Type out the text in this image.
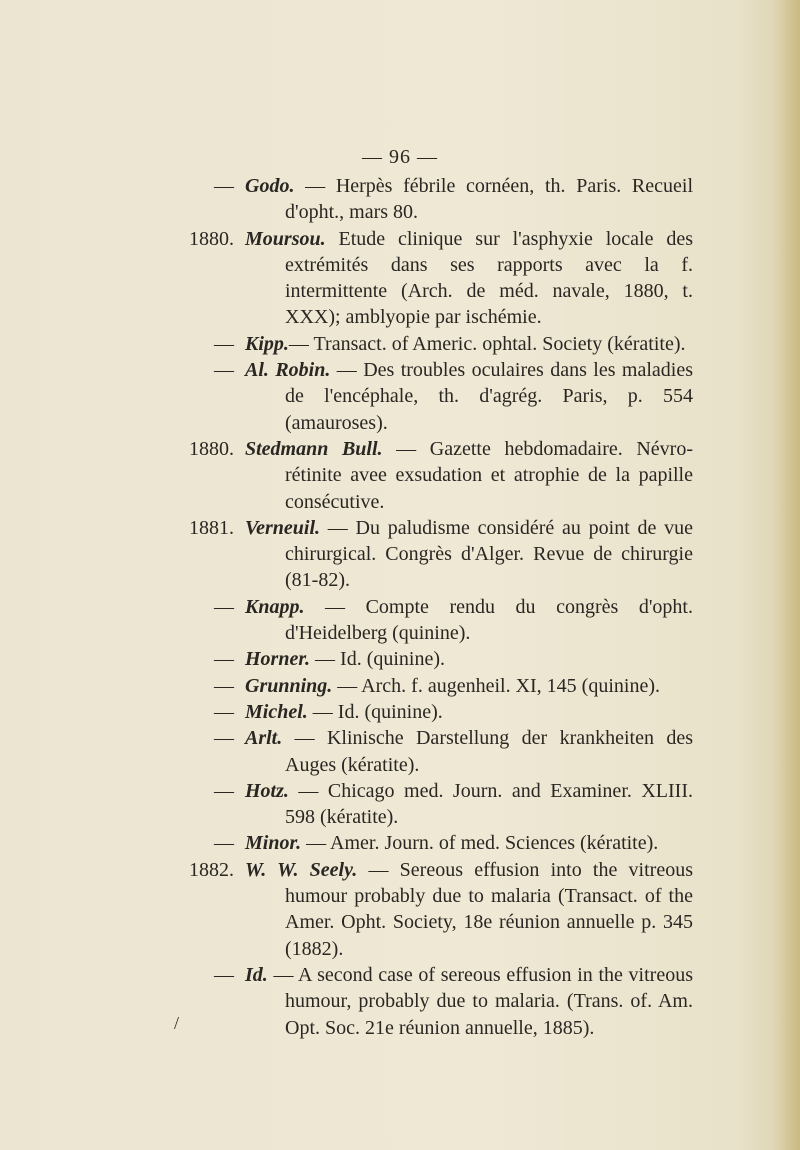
— 96 —
— Godo. — Herpès fébrile cornéen, th. Paris. Recueil d'opht., mars 80.
1880. Moursou. Etude clinique sur l'asphyxie locale des extrémités dans ses rapports avec la f. intermittente (Arch. de méd. navale, 1880, t. XXX); amblyopie par ischémie.
— Kipp.— Transact. of Americ. ophtal. Society (kératite).
— Al. Robin. — Des troubles oculaires dans les maladies de l'encéphale, th. d'agrég. Paris, p. 554 (amauroses).
1880. Stedmann Bull. — Gazette hebdomadaire. Névro-rétinite avee exsudation et atrophie de la papille consécutive.
1881. Verneuil. — Du paludisme considéré au point de vue chirurgical. Congrès d'Alger. Revue de chirurgie (81-82).
— Knapp. — Compte rendu du congrès d'opht. d'Heidelberg (quinine).
— Horner. — Id. (quinine).
— Grunning. — Arch. f. augenheil. XI, 145 (quinine).
— Michel. — Id. (quinine).
— Arlt. — Klinische Darstellung der krankheiten des Auges (kératite).
— Hotz. — Chicago med. Journ. and Examiner. XLIII. 598 (kératite).
— Minor. — Amer. Journ. of med. Sciences (kératite).
1882. W. W. Seely. — Sereous effusion into the vitreous humour probably due to malaria (Transact. of the Amer. Opht. Society, 18e réunion annuelle p. 345 (1882).
— Id. — A second case of sereous effusion in the vitreous humour, probably due to malaria. (Trans. of. Am. Opt. Soc. 21e réunion annuelle, 1885).
/
